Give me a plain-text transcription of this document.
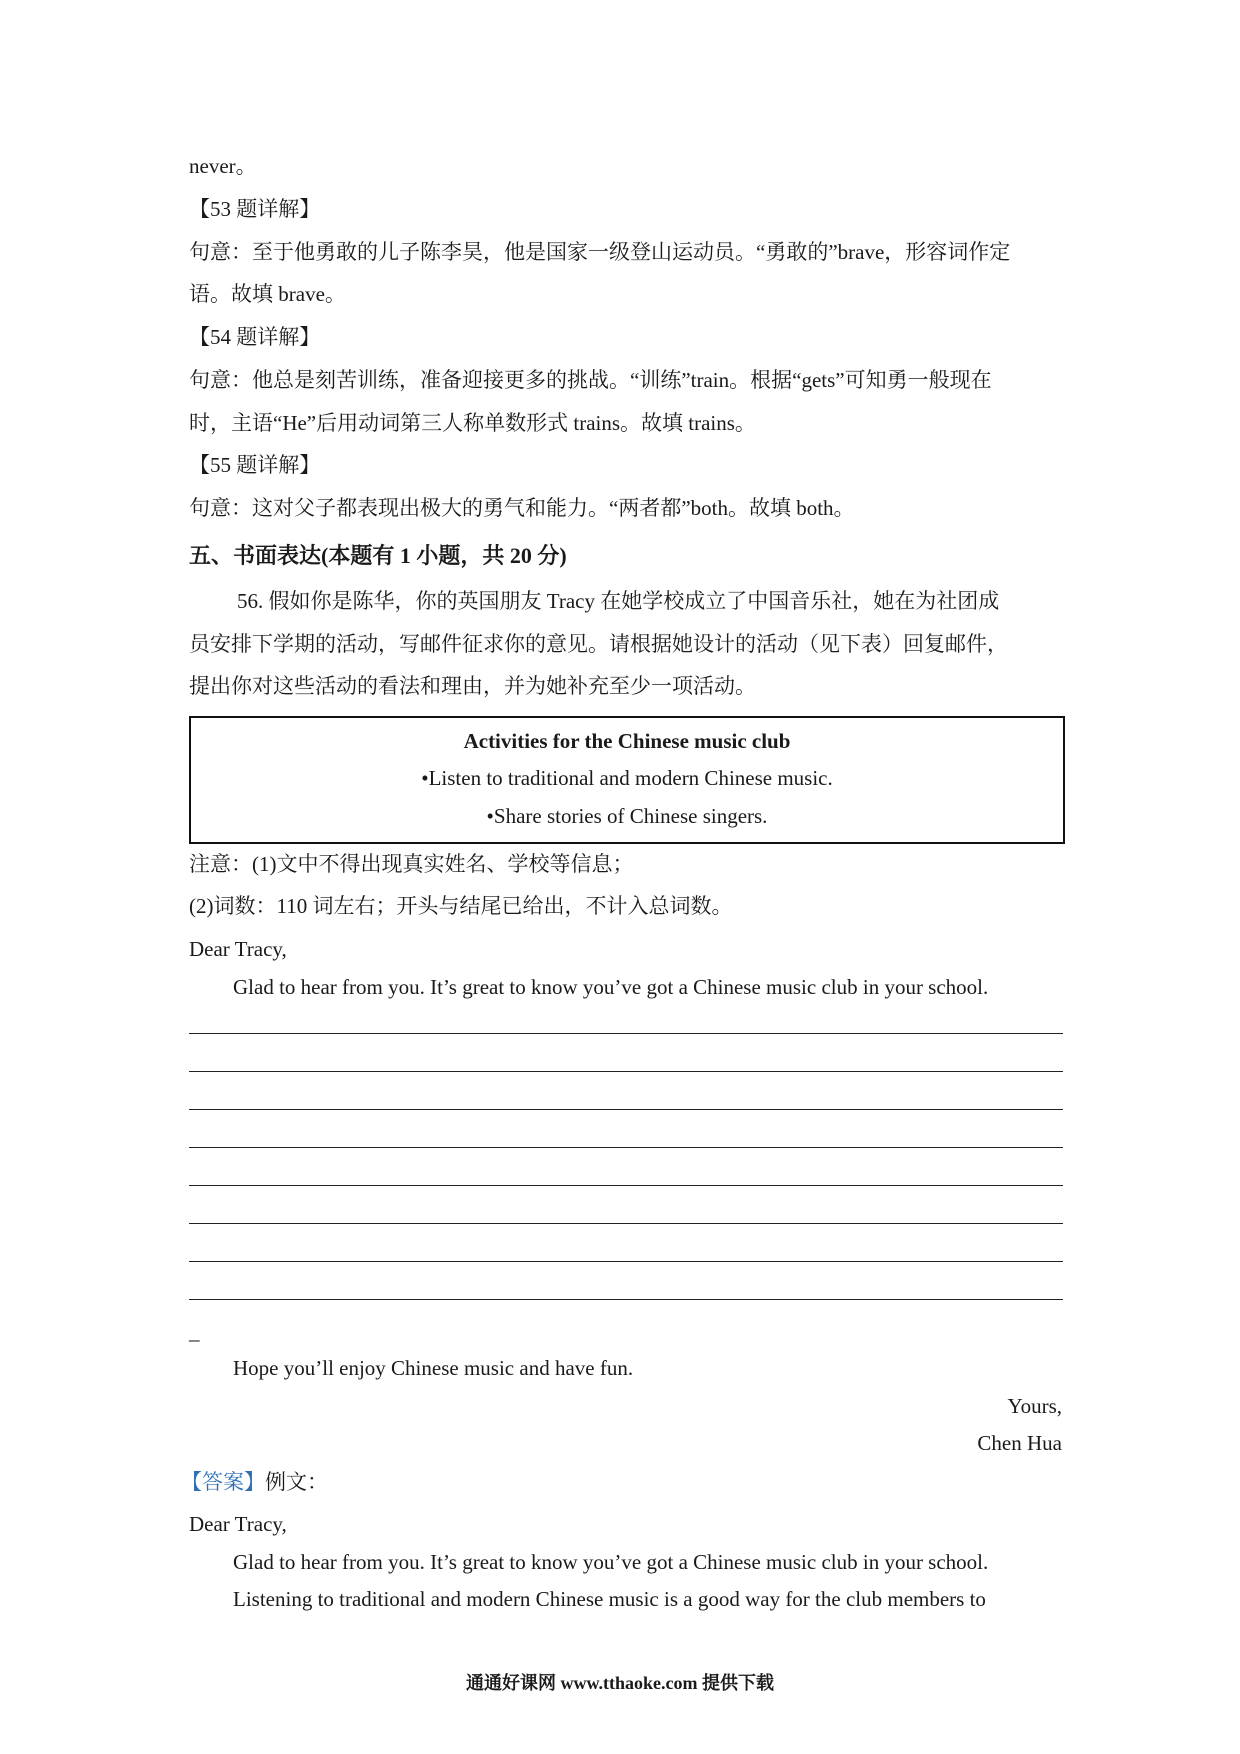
never。
【53 题详解】
句意：至于他勇敢的儿子陈李昊，他是国家一级登山运动员。“勇敢的”brave，形容词作定
语。故填 brave。
【54 题详解】
句意：他总是刻苦训练，准备迎接更多的挑战。“训练”train。根据“gets”可知勇一般现在
时，主语“He”后用动词第三人称单数形式 trains。故填 trains。
【55 题详解】
句意：这对父子都表现出极大的勇气和能力。“两者都”both。故填 both。
五、书面表达(本题有 1 小题，共 20 分)
56. 假如你是陈华，你的英国朋友 Tracy 在她学校成立了中国音乐社，她在为社团成
员安排下学期的活动，写邮件征求你的意见。请根据她设计的活动（见下表）回复邮件，
提出你对这些活动的看法和理由，并为她补充至少一项活动。
Activities for the Chinese music club
•Listen to traditional and modern Chinese music.
•Share stories of Chinese singers.
注意：(1)文中不得出现真实姓名、学校等信息；
(2)词数：110 词左右；开头与结尾已给出，不计入总词数。
Dear Tracy,
Glad to hear from you. It’s great to know you’ve got a Chinese music club in your school.
_
Hope you’ll enjoy Chinese music and have fun.
Yours,
Chen Hua
【答案】例文：
Dear Tracy,
Glad to hear from you. It’s great to know you’ve got a Chinese music club in your school.
Listening to traditional and modern Chinese music is a good way for the club members to
通通好课网 www.tthaoke.com 提供下载
